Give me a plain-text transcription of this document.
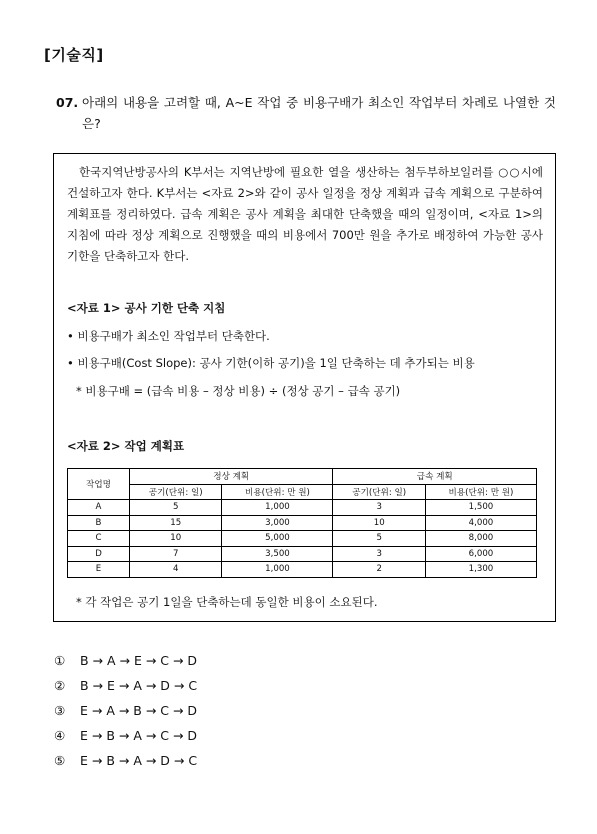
[기술직]
07. 아래의 내용을 고려할 때, A~E 작업 중 비용구배가 최소인 작업부터 차례로 나열한 것은?
한국지역난방공사의 K부서는 지역난방에 필요한 열을 생산하는 첨두부하보일러를 ○○시에 건설하고자 한다. K부서는 <자료 2>와 같이 공사 일정을 정상 계획과 급속 계획으로 구분하여 계획표를 정리하였다. 급속 계획은 공사 계획을 최대한 단축했을 때의 일정이며, <자료 1>의 지침에 따라 정상 계획으로 진행했을 때의 비용에서 700만 원을 추가로 배정하여 가능한 공사 기한을 단축하고자 한다.
<자료 1> 공사 기한 단축 지침
• 비용구배가 최소인 작업부터 단축한다.
• 비용구배(Cost Slope): 공사 기한(이하 공기)을 1일 단축하는 데 추가되는 비용
* 비용구배 = (급속 비용 – 정상 비용) ÷ (정상 공기 – 급속 공기)
<자료 2> 작업 계획표
작업명	정상 계획		급속 계획	
	공기(단위: 일)	비용(단위: 만 원)	공기(단위: 일)	비용(단위: 만 원)
A	5	1,000	3	1,500
B	15	3,000	10	4,000
C	10	5,000	5	8,000
D	7	3,500	3	6,000
E	4	1,000	2	1,300
* 각 작업은 공기 1일을 단축하는데 동일한 비용이 소요된다.
① B → A → E → C → D
② B → E → A → D → C
③ E → A → B → C → D
④ E → B → A → C → D
⑤ E → B → A → D → C
